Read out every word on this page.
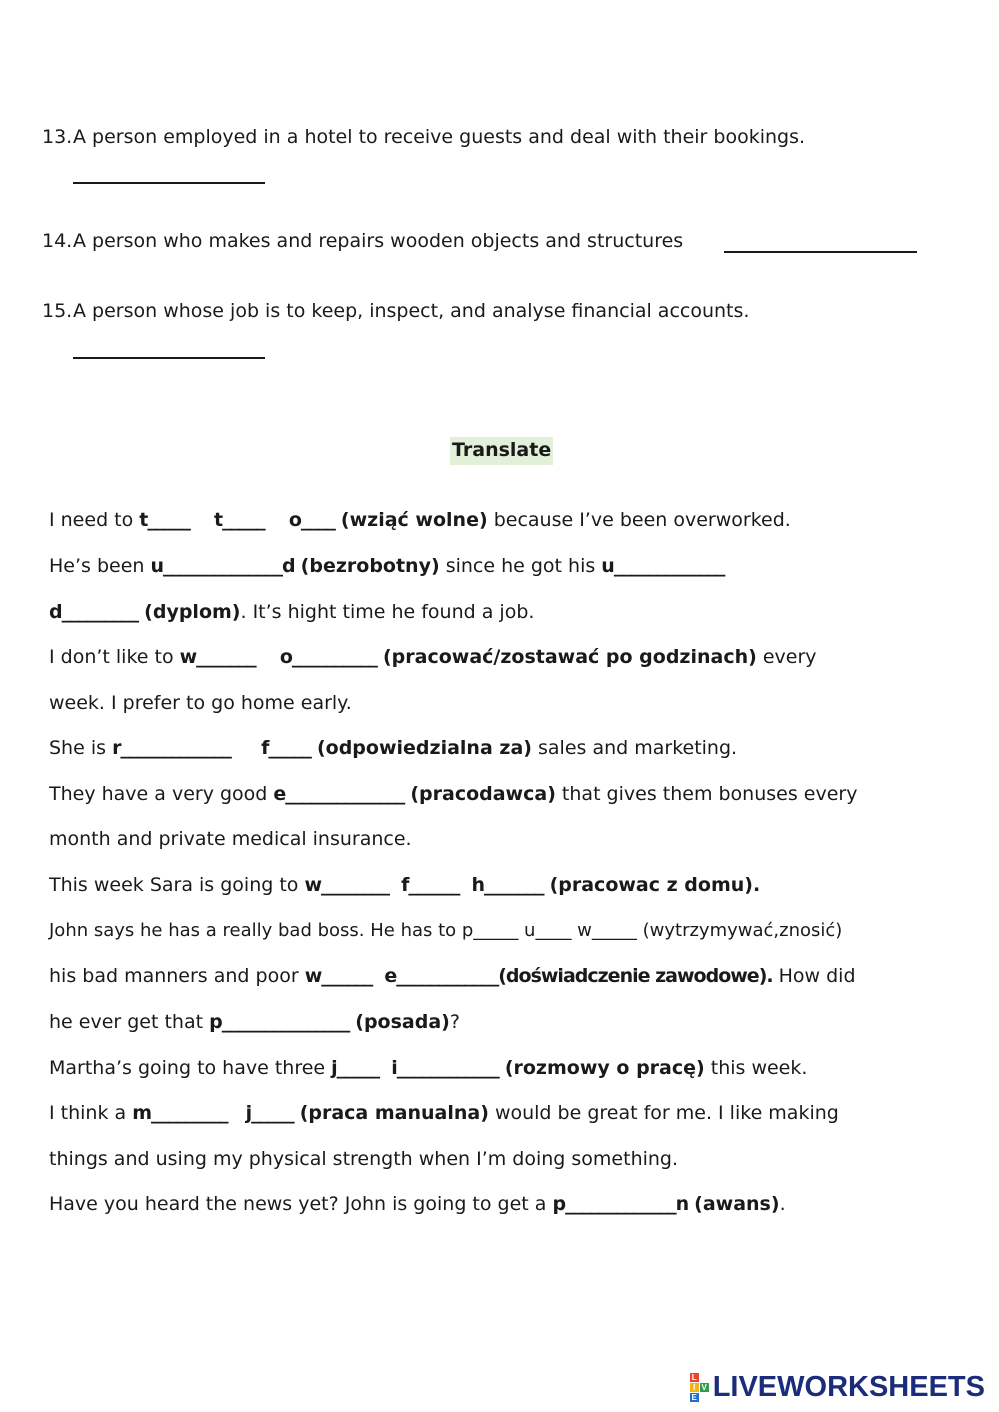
13. A person employed in a hotel to receive guests and deal with their bookings.
14. A person who makes and repairs wooden objects and structures
15. A person whose job is to keep, inspect, and analyse financial accounts.
Translate
I need to t_____ t_____ o____ (wziąć wolne) because I’ve been overworked.
He’s been u______________d (bezrobotny) since he got his u_____________
d_________ (dyplom). It’s hight time he found a job.
I don’t like to w_______ o__________ (pracować/zostawać po godzinach) every
week. I prefer to go home early.
She is r_____________ f_____ (odpowiedzialna za) sales and marketing.
They have a very good e______________ (pracodawca) that gives them bonuses every
month and private medical insurance.
This week Sara is going to w________ f______ h_______ (pracowac z domu).
John says he has a really bad boss. He has to p_____ u____ w_____ (wytrzymywać,znosić)
his bad manners and poor w______ e____________(doświadczenie zawodowe). How did
he ever get that p_______________ (posada)?
Martha’s going to have three j_____ i____________ (rozmowy o pracę) this week.
I think a m_________ j_____ (praca manualna) would be great for me. I like making
things and using my physical strength when I’m doing something.
Have you heard the news yet? John is going to get a p_____________n (awans).
L
I V
E LIVEWORKSHEETS
